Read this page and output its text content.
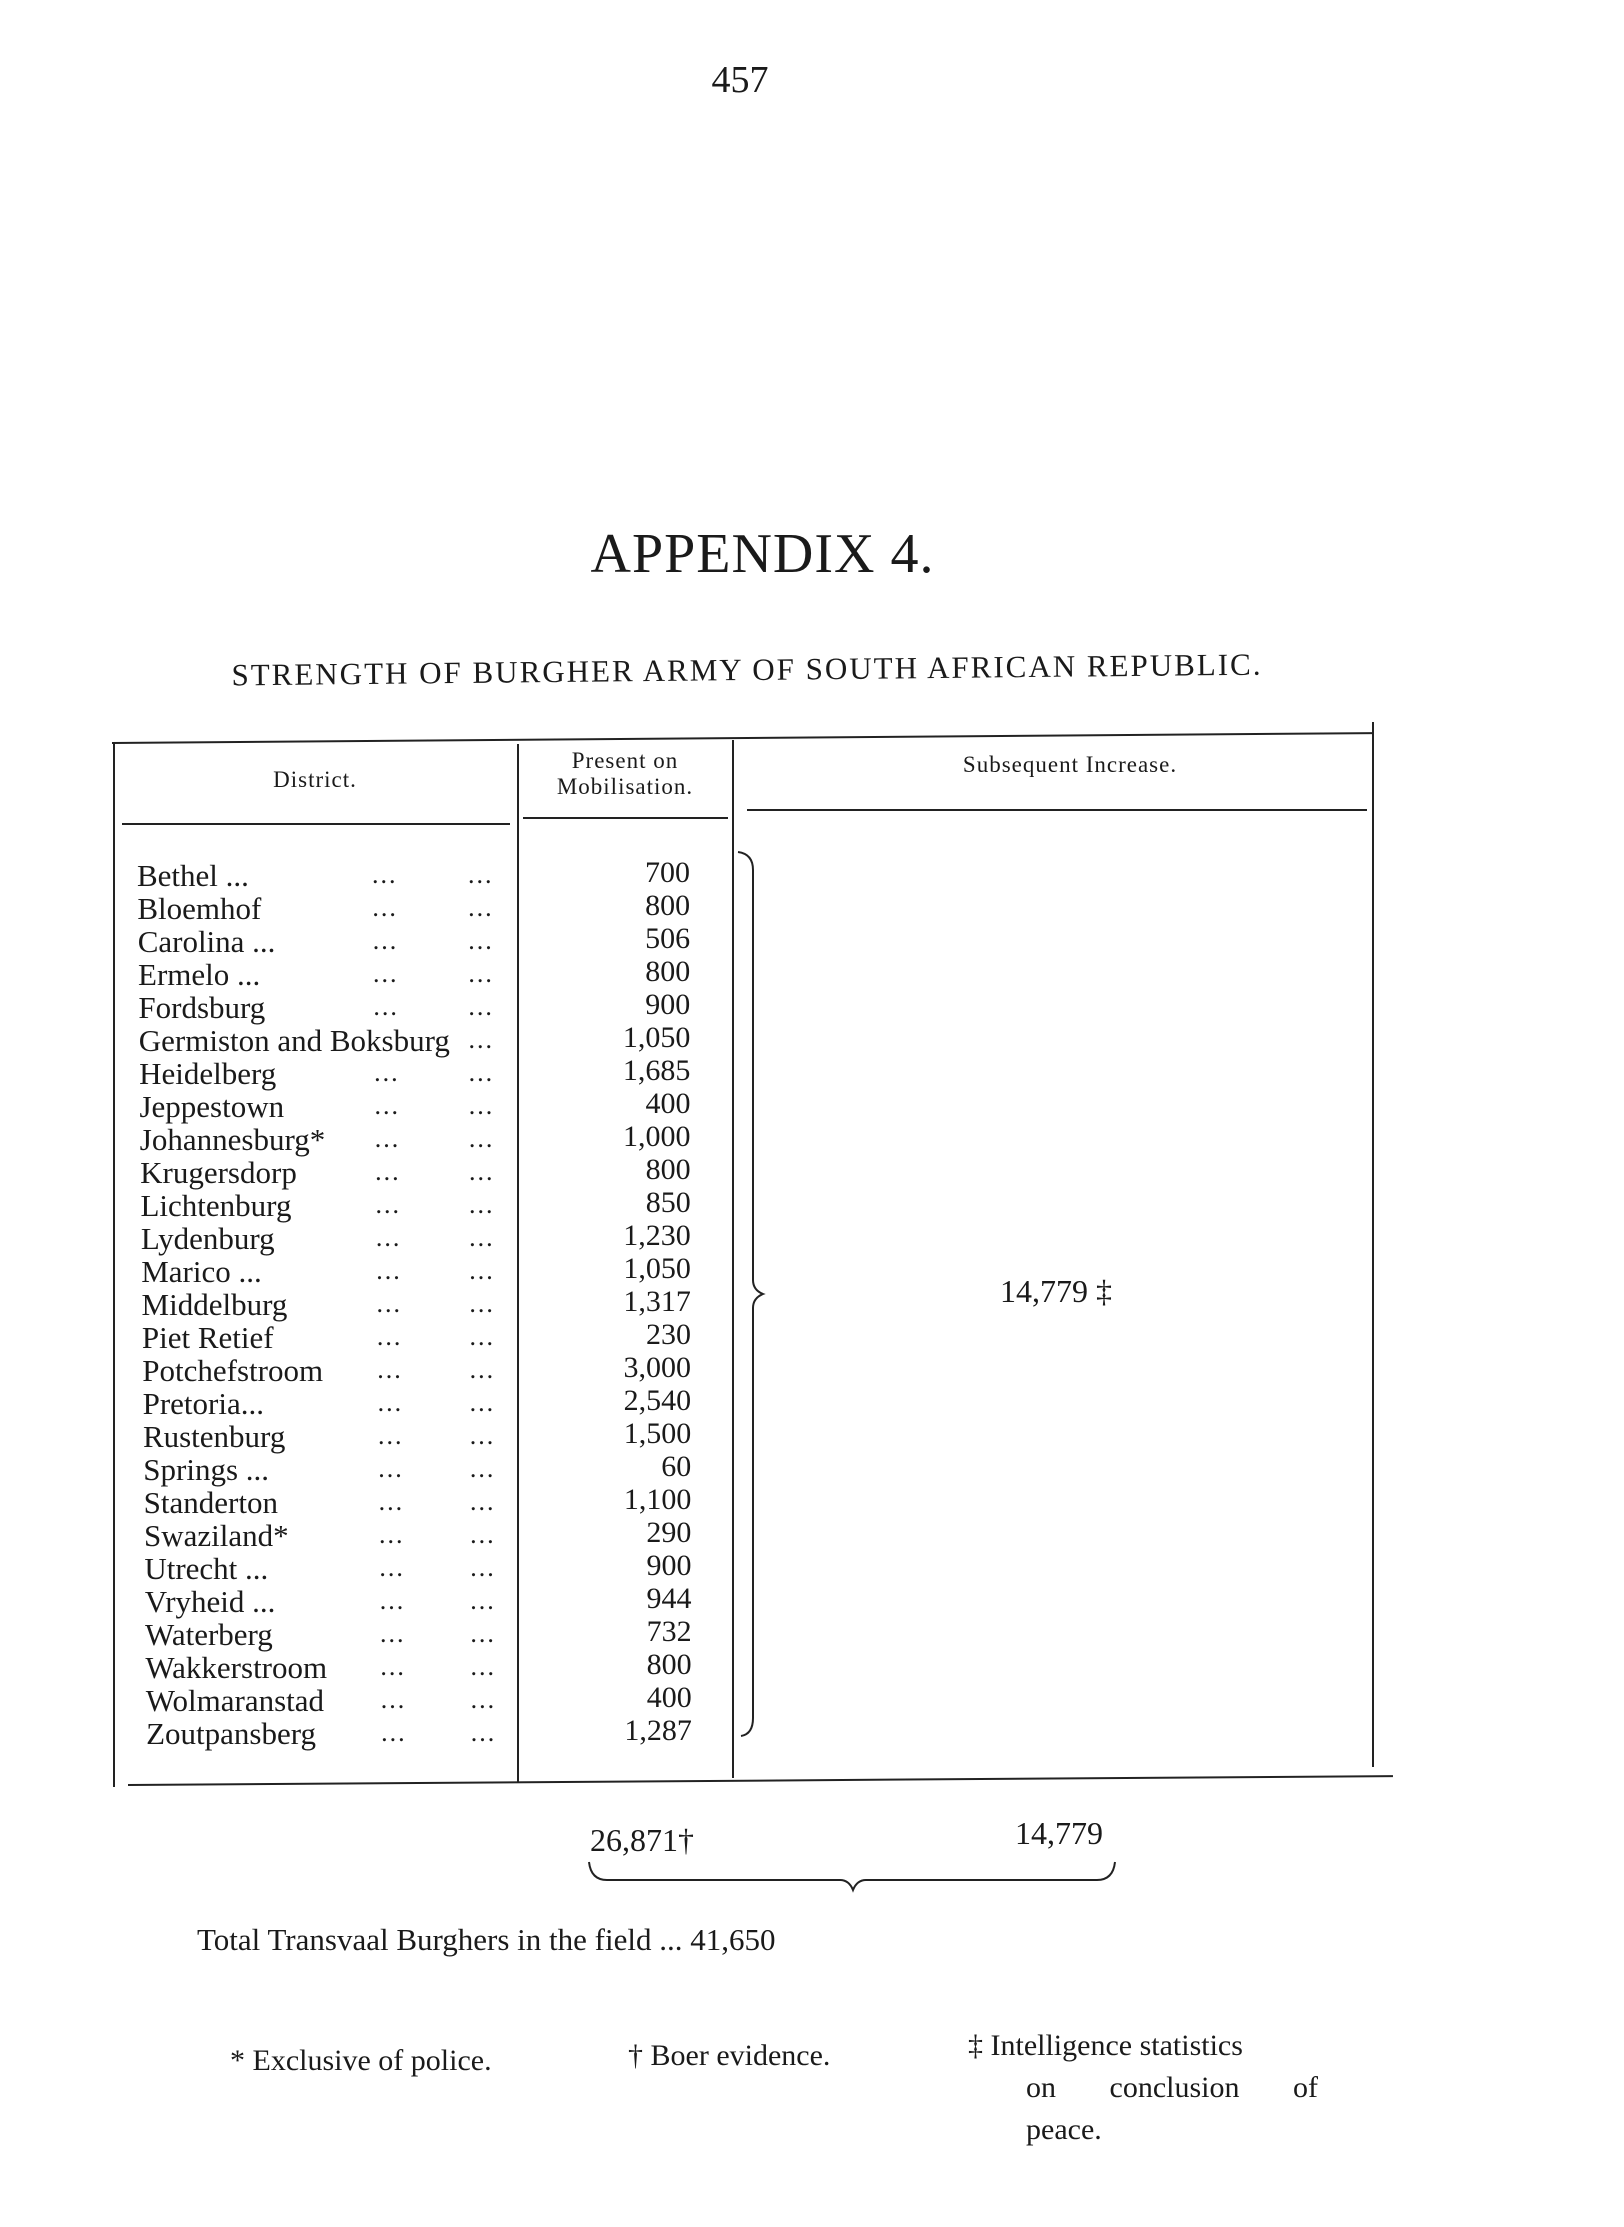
457
APPENDIX 4.
STRENGTH OF BURGHER ARMY OF SOUTH AFRICAN REPUBLIC.
District.
Present on
Mobilisation.
Subsequent Increase.
Bethel ...	...	...	700
Bloemhof	...	...	800
Carolina ...	...	...	506
Ermelo ...	...	...	800
Fordsburg	...	...	900
Germiston and Boksburg ...	1,050
Heidelberg	...	...	1,685
Jeppestown	...	...	400
Johannesburg* ...	...	1,000
Krugersdorp	...	...	800
Lichtenburg	...	...	850
Lydenburg	...	...	1,230
Marico ...	...	...	1,050
Middelburg	...	...	1,317
Piet Retief	...	...	230
Potchefstroom ...	...	3,000
Pretoria...	...	...	2,540
Rustenburg	...	...	1,500
Springs ...	...	...	60
Standerton	...	...	1,100
Swaziland*	...	...	290
Utrecht ...	...	...	900
Vryheid ...	...	...	944
Waterberg	... ...	732
Wakkerstroom ... ...	800
Wolmaranstad ... ...	400
Zoutpansberg	... ...	1,287
14,779 ‡
26,871†	14,779
Total Transvaal Burghers in the field ... 41,650
* Exclusive of police.	† Boer evidence.	‡ Intelligence statistics
on conclusion of
peace.
